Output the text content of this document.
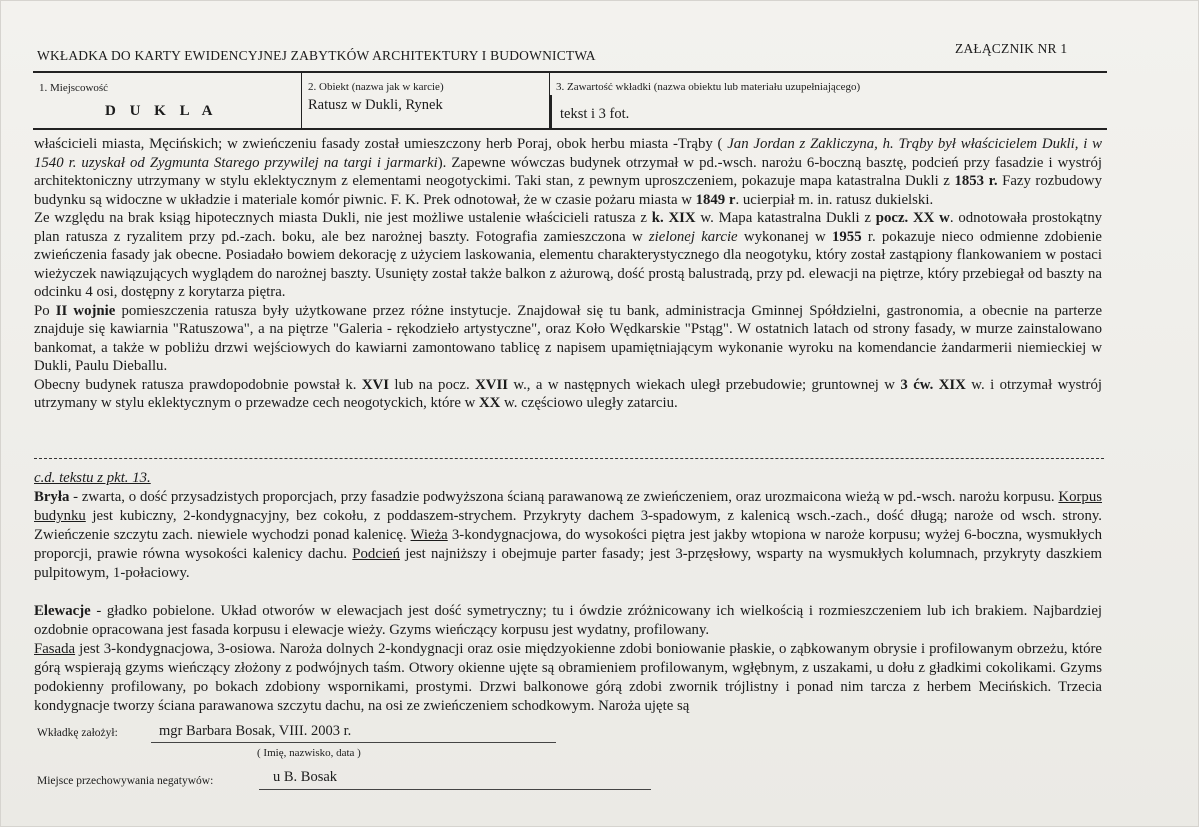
WKŁADKA DO KARTY EWIDENCYJNEJ ZABYTKÓW ARCHITEKTURY I BUDOWNICTWA	ZAŁĄCZNIK NR 1
1. Miejscowość
D U K L A
2. Obiekt (nazwa jak w karcie)
Ratusz w Dukli, Rynek
3. Zawartość wkładki (nazwa obiektu lub materiału uzupełniającego)
tekst i 3 fot.

właścicieli miasta, Męcińskich; w zwieńczeniu fasady został umieszczony herb Poraj, obok herbu miasta -Trąby ( Jan Jordan z Zakliczyna, h. Trąby był właścicielem Dukli, i w 1540 r. uzyskał od Zygmunta Starego przywilej na targi i jarmarki). Zapewne wówczas budynek otrzymał w pd.-wsch. narożu 6-boczną basztę, podcień przy fasadzie i wystrój architektoniczny utrzymany w stylu eklektycznym z elementami neogotyckimi. Taki stan, z pewnym uproszczeniem, pokazuje mapa katastralna Dukli z 1853 r. Fazy rozbudowy budynku są widoczne w układzie i materiale komór piwnic. F. K. Prek odnotował, że w czasie pożaru miasta w 1849 r. ucierpiał m. in. ratusz dukielski.

Ze względu na brak ksiąg hipotecznych miasta Dukli, nie jest możliwe ustalenie właścicieli ratusza z k. XIX w. Mapa katastralna Dukli z pocz. XX w. odnotowała prostokątny plan ratusza z ryzalitem przy pd.-zach. boku, ale bez narożnej baszty. Fotografia zamieszczona w zielonej karcie wykonanej w 1955 r. pokazuje nieco odmienne zdobienie zwieńczenia fasady jak obecne. Posiadało bowiem dekorację z użyciem laskowania, elementu charakterystycznego dla neogotyku, który został zastąpiony flankowaniem w postaci wieżyczek nawiązujących wyglądem do narożnej baszty. Usunięty został także balkon z ażurową, dość prostą balustradą, przy pd. elewacji na piętrze, który przebiegał od baszty na odcinku 4 osi, dostępny z korytarza piętra.

Po II wojnie pomieszczenia ratusza były użytkowane przez różne instytucje. Znajdował się tu bank, administracja Gminnej Spółdzielni, gastronomia, a obecnie na parterze znajduje się kawiarnia "Ratuszowa", a na piętrze "Galeria - rękodzieło artystyczne", oraz Koło Wędkarskie "Pstąg". W ostatnich latach od strony fasady, w murze zainstalowano bankomat, a także w pobliżu drzwi wejściowych do kawiarni zamontowano tablicę z napisem upamiętniającym wykonanie wyroku na komendancie żandarmerii niemieckiej w Dukli, Paulu Dieballu.

Obecny budynek ratusza prawdopodobnie powstał k. XVI lub na pocz. XVII w., a w następnych wiekach uległ przebudowie; gruntownej w 3 ćw. XIX w. i otrzymał wystrój utrzymany w stylu eklektycznym o przewadze cech neogotyckich, które w XX w. częściowo uległy zatarciu.

c.d. tekstu z pkt. 13.

Bryła - zwarta, o dość przysadzistych proporcjach, przy fasadzie podwyższona ścianą parawanową ze zwieńczeniem, oraz urozmaicona wieżą w pd.-wsch. narożu korpusu. Korpus budynku jest kubiczny, 2-kondygnacyjny, bez cokołu, z poddaszem-strychem. Przykryty dachem 3-spadowym, z kalenicą wsch.-zach., dość długą; naroże od wsch. strony. Zwieńczenie szczytu zach. niewiele wychodzi ponad kalenicę. Wieża 3-kondygnacjowa, do wysokości piętra jest jakby wtopiona w naroże korpusu; wyżej 6-boczna, wysmukłych proporcji, prawie równa wysokości kalenicy dachu. Podcień jest najniższy i obejmuje parter fasady; jest 3-przęsłowy, wsparty na wysmukłych kolumnach, przykryty daszkiem pulpitowym, 1-połaciowy.

Elewacje - gładko pobielone. Układ otworów w elewacjach jest dość symetryczny; tu i ówdzie zróżnicowany ich wielkością i rozmieszczeniem lub ich brakiem. Najbardziej ozdobnie opracowana jest fasada korpusu i elewacje wieży. Gzyms wieńczący korpusu jest wydatny, profilowany.

Fasada jest 3-kondygnacjowa, 3-osiowa. Naroża dolnych 2-kondygnacji oraz osie międzyokienne zdobi boniowanie płaskie, o ząbkowanym obrysie i profilowanym obrzeżu, które górą wspierają gzyms wieńczący złożony z podwójnych taśm. Otwory okienne ujęte są obramieniem profilowanym, wgłębnym, z uszakami, u dołu z gładkimi cokolikami. Gzyms podokienny profilowany, po bokach zdobiony wspornikami, prostymi. Drzwi balkonowe górą zdobi zwornik trójlistny i ponad nim tarcza z herbem Mecińskich. Trzecia kondygnacje tworzy ściana parawanowa szczytu dachu, na osi ze zwieńczeniem schodkowym. Naroża ujęte są

Wkładkę założył:	mgr Barbara Bosak, VIII. 2003 r.
( Imię, nazwisko, data )
Miejsce przechowywania negatywów:	u B. Bosak
